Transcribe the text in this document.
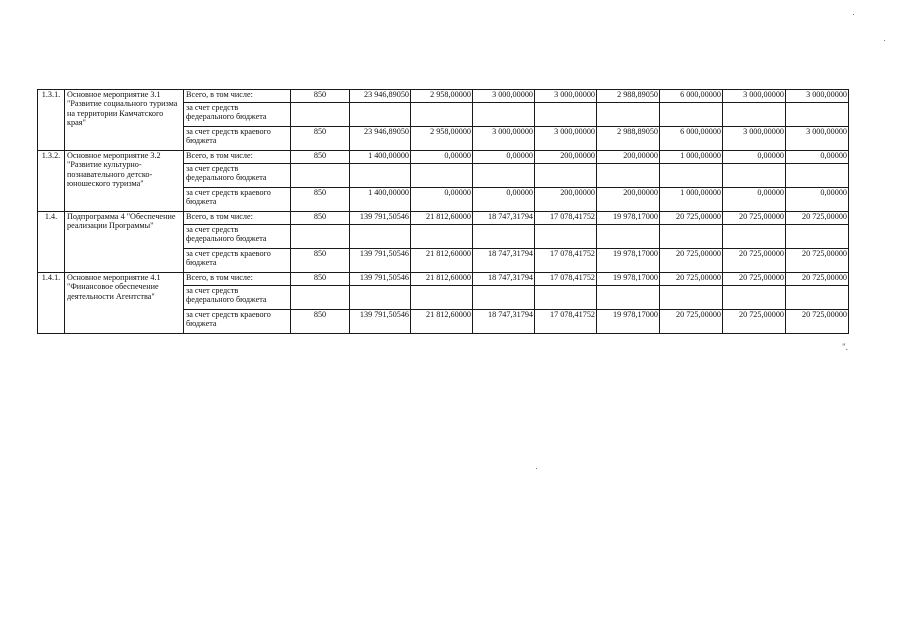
1.3.1.	Основное мероприятие 3.1 "Развитие социального туризма на территории Камчатского края"	Всего, в том числе:	850	23 946,89050	2 958,00000	3 000,00000	3 000,00000	2 988,89050	6 000,00000	3 000,00000	3 000,00000
		за счет средств федерального бюджета									
		за счет средств краевого бюджета	850	23 946,89050	2 958,00000	3 000,00000	3 000,00000	2 988,89050	6 000,00000	3 000,00000	3 000,00000
1.3.2.	Основное мероприятие 3.2 "Развитие культурно-познавательного детско-юношеского туризма"	Всего, в том числе:	850	1 400,00000	0,00000	0,00000	200,00000	200,00000	1 000,00000	0,00000	0,00000
		за счет средств федерального бюджета									
		за счет средств краевого бюджета	850	1 400,00000	0,00000	0,00000	200,00000	200,00000	1 000,00000	0,00000	0,00000
1.4.	Подпрограмма 4 "Обеспечение реализации Программы"	Всего, в том числе:	850	139 791,50546	21 812,60000	18 747,31794	17 078,41752	19 978,17000	20 725,00000	20 725,00000	20 725,00000
		за счет средств федерального бюджета									
		за счет средств краевого бюджета	850	139 791,50546	21 812,60000	18 747,31794	17 078,41752	19 978,17000	20 725,00000	20 725,00000	20 725,00000
1.4.1.	Основное мероприятие 4.1 "Финансовое обеспечение деятельности Агентства"	Всего, в том числе:	850	139 791,50546	21 812,60000	18 747,31794	17 078,41752	19 978,17000	20 725,00000	20 725,00000	20 725,00000
		за счет средств федерального бюджета									
		за счет средств краевого бюджета	850	139 791,50546	21 812,60000	18 747,31794	17 078,41752	19 978,17000	20 725,00000	20 725,00000	20 725,00000
".
